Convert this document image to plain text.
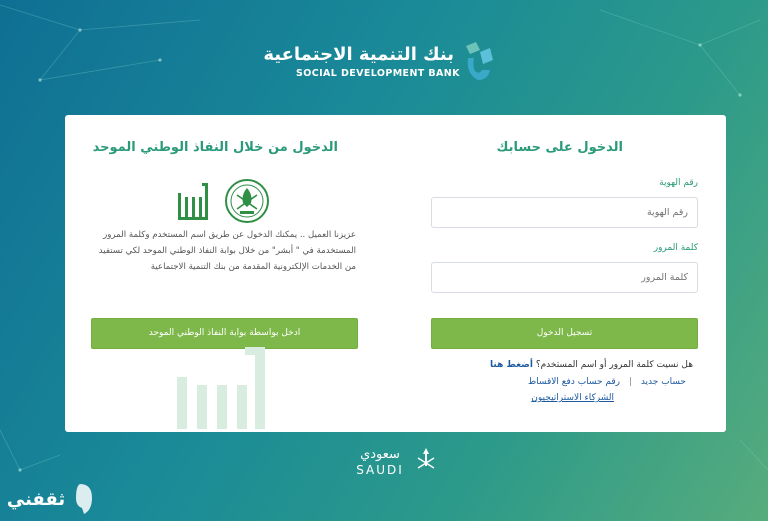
بنك التنمية الاجتماعية
SOCIAL DEVELOPMENT BANK
الدخول على حسابك
رقم الهوية
رقم الهوية
كلمة المرور
تسجيل الدخول
هل نسيت كلمة المرور أو اسم المستخدم؟ أضغط هنا
حساب جديد | رقم حساب دفع الاقساط
الشركاء الاستراتيجيون
الدخول من خلال النفاذ الوطني الموحد
عزيزنا العميل .. يمكنك الدخول عن طريق اسم المستخدم وكلمة المرور المستخدمة في " أبشر" من خلال بوابة النفاذ الوطني الموحد لكي تستفيد من الخدمات الإلكترونية المقدمة من بنك التنمية الاجتماعية
ادخل بواسطة بوابة النفاذ الوطني الموحد
سعودي
SAUDI
ثقفني
